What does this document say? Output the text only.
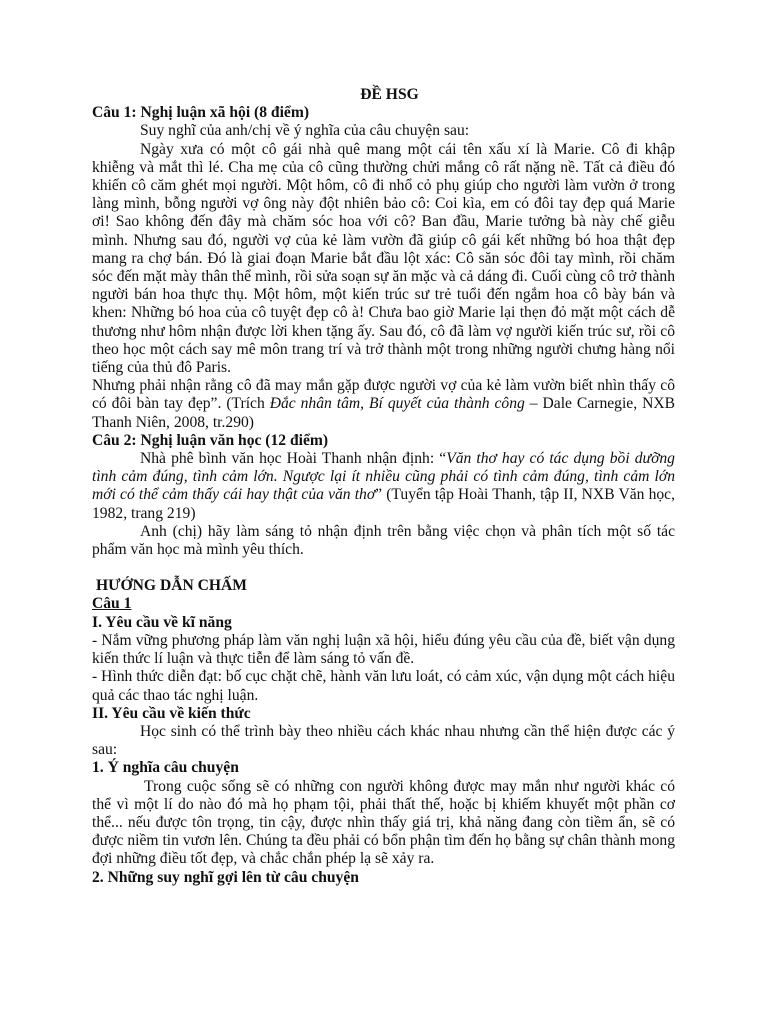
ĐỀ HSG

Câu 1: Nghị luận xã hội (8 điểm)

Suy nghĩ của anh/chị về ý nghĩa của câu chuyện sau:

Ngày xưa có một cô gái nhà quê mang một cái tên xấu xí là Marie. Cô đi khập khiễng và mắt thì lé. Cha mẹ của cô cũng thường chửi mắng cô rất nặng nề. Tất cả điều đó khiến cô căm ghét mọi người. Một hôm, cô đi nhổ cỏ phụ giúp cho người làm vườn ở trong làng mình, bỗng người vợ ông này đột nhiên bảo cô: Coi kìa, em có đôi tay đẹp quá Marie ơi! Sao không đến đây mà chăm sóc hoa với cô? Ban đầu, Marie tưởng bà này chế giễu mình. Nhưng sau đó, người vợ của kẻ làm vườn đã giúp cô gái kết những bó hoa thật đẹp mang ra chợ bán. Đó là giai đoạn Marie bắt đầu lột xác: Cô săn sóc đôi tay mình, rồi chăm sóc đến mặt mày thân thể mình, rồi sửa soạn sự ăn mặc và cả dáng đi. Cuối cùng cô trở thành người bán hoa thực thụ. Một hôm, một kiến trúc sư trẻ tuổi đến ngắm hoa cô bày bán và khen: Những bó hoa của cô tuyệt đẹp cô à! Chưa bao giờ Marie lại thẹn đỏ mặt một cách dễ thương như hôm nhận được lời khen tặng ấy. Sau đó, cô đã làm vợ người kiến trúc sư, rồi cô theo học một cách say mê môn trang trí và trở thành một trong những người chưng hàng nổi tiếng của thủ đô Paris.

Nhưng phải nhận rằng cô đã may mắn gặp được người vợ của kẻ làm vườn biết nhìn thấy cô có đôi bàn tay đẹp”. (Trích Đắc nhân tâm, Bí quyết của thành công – Dale Carnegie, NXB Thanh Niên, 2008, tr.290)

Câu 2: Nghị luận văn học (12 điểm)

Nhà phê bình văn học Hoài Thanh nhận định: “Văn thơ hay có tác dụng bồi dưỡng tình cảm đúng, tình cảm lớn. Ngược lại ít nhiều cũng phải có tình cảm đúng, tình cảm lớn mới có thể cảm thấy cái hay thật của văn thơ” (Tuyển tập Hoài Thanh, tập II, NXB Văn học, 1982, trang 219)

Anh (chị) hãy làm sáng tỏ nhận định trên bằng việc chọn và phân tích một số tác phẩm văn học mà mình yêu thích.

HƯỚNG DẪN CHẤM

Câu 1

I. Yêu cầu về kĩ năng

- Nắm vững phương pháp làm văn nghị luận xã hội, hiểu đúng yêu cầu của đề, biết vận dụng kiến thức lí luận và thực tiễn để làm sáng tỏ vấn đề.

- Hình thức diễn đạt: bố cục chặt chẽ, hành văn lưu loát, có cảm xúc, vận dụng một cách hiệu quả các thao tác nghị luận.

II. Yêu cầu về kiến thức

Học sinh có thể trình bày theo nhiều cách khác nhau nhưng cần thể hiện được các ý sau:

1. Ý nghĩa câu chuyện

Trong cuộc sống sẽ có những con người không được may mắn như người khác có thể vì một lí do nào đó mà họ phạm tội, phải thất thế, hoặc bị khiếm khuyết một phần cơ thể... nếu được tôn trọng, tin cậy, được nhìn thấy giá trị, khả năng đang còn tiềm ẩn, sẽ có được niềm tin vươn lên. Chúng ta đều phải có bổn phận tìm đến họ bằng sự chân thành mong đợi những điều tốt đẹp, và chắc chắn phép lạ sẽ xảy ra.

2. Những suy nghĩ gợi lên từ câu chuyện
